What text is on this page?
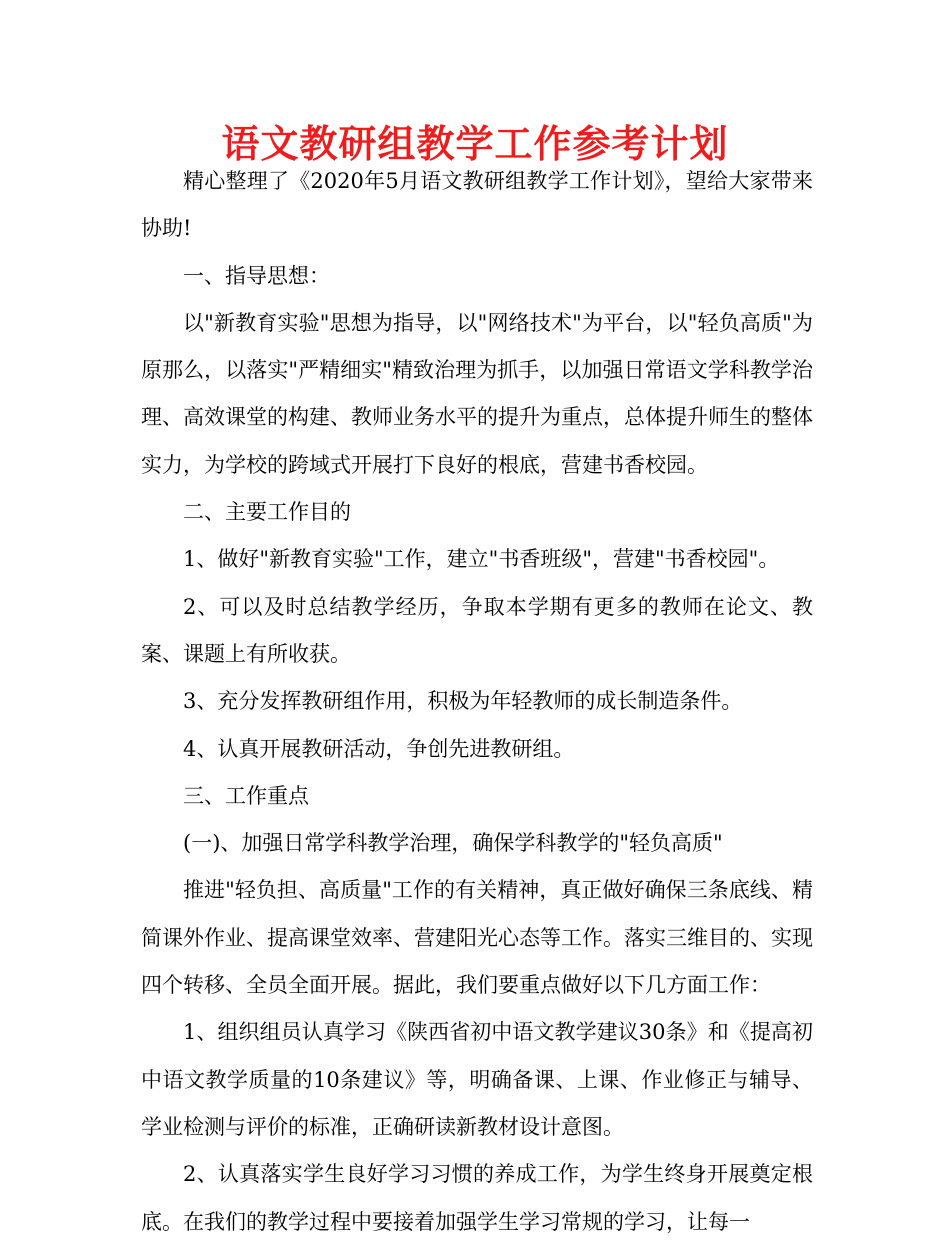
语文教研组教学工作参考计划

精心整理了《2020年5月语文教研组教学工作计划》，望给大家带来协助!

一、指导思想：

以"新教育实验"思想为指导，以"网络技术"为平台，以"轻负高质"为原那么，以落实"严精细实"精致治理为抓手，以加强日常语文学科教学治理、高效课堂的构建、教师业务水平的提升为重点，总体提升师生的整体实力，为学校的跨域式开展打下良好的根底，营建书香校园。

二、主要工作目的

1、做好"新教育实验"工作，建立"书香班级"，营建"书香校园"。

2、可以及时总结教学经历，争取本学期有更多的教师在论文、教案、课题上有所收获。

3、充分发挥教研组作用，积极为年轻教师的成长制造条件。

4、认真开展教研活动，争创先进教研组。

三、工作重点

(一)、加强日常学科教学治理，确保学科教学的"轻负高质"

推进"轻负担、高质量"工作的有关精神，真正做好确保三条底线、精简课外作业、提高课堂效率、营建阳光心态等工作。落实三维目的、实现四个转移、全员全面开展。据此，我们要重点做好以下几方面工作：

1、组织组员认真学习《陕西省初中语文教学建议30条》和《提高初中语文教学质量的10条建议》等，明确备课、上课、作业修正与辅导、学业检测与评价的标准，正确研读新教材设计意图。

2、认真落实学生良好学习习惯的养成工作，为学生终身开展奠定根底。在我们的教学过程中要接着加强学生学习常规的学习，让每一
